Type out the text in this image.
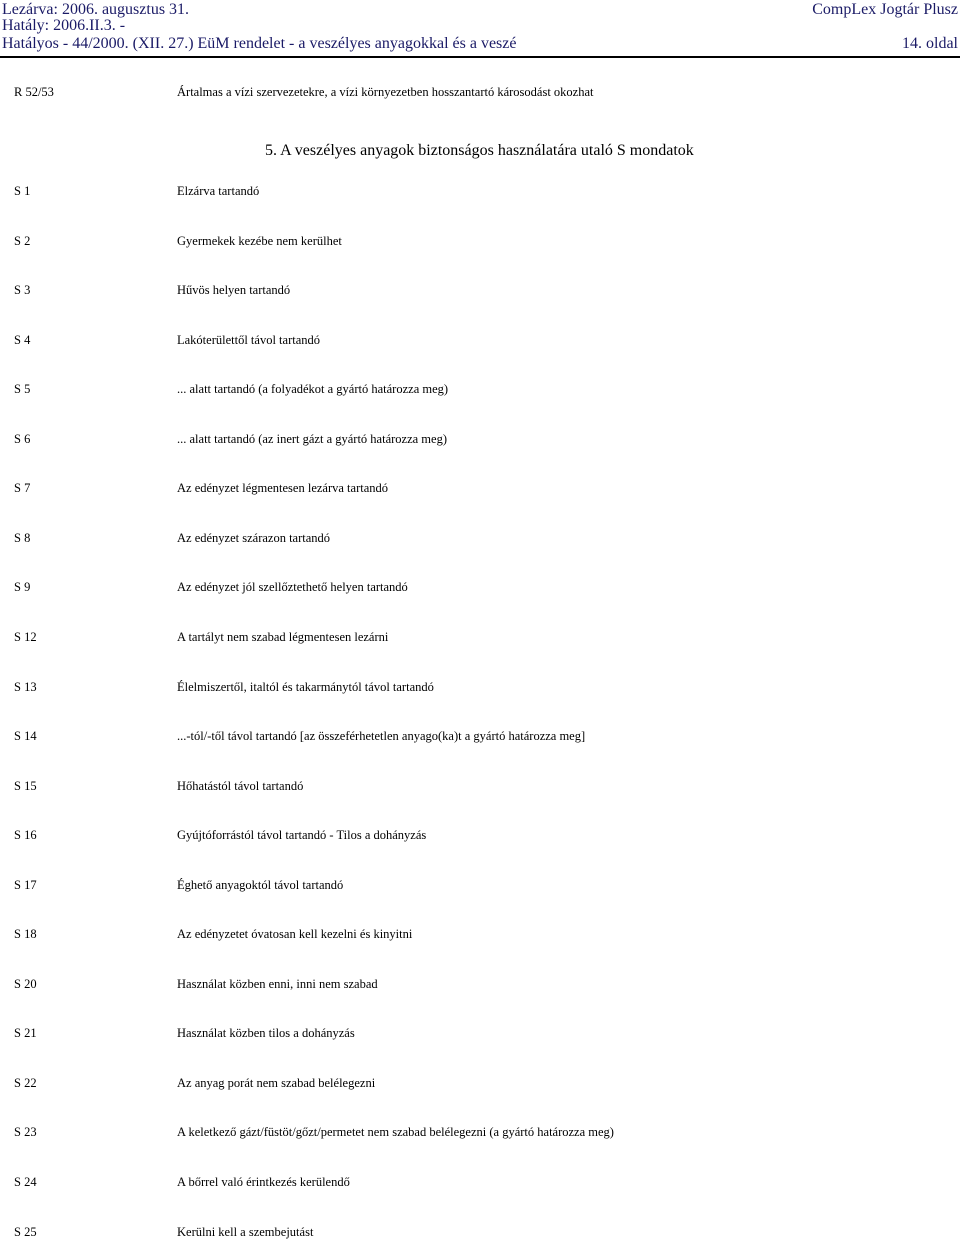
Lezárva: 2006. augusztus 31.	CompLex Jogtár Plusz
Hatály: 2006.II.3. -
Hatályos - 44/2000. (XII. 27.) EüM rendelet - a veszélyes anyagokkal és a veszé	14. oldal
R 52/53	Ártalmas a vízi szervezetekre, a vízi környezetben hosszantartó károsodást okozhat
5. A veszélyes anyagok biztonságos használatára utaló S mondatok
S 1	Elzárva tartandó
S 2	Gyermekek kezébe nem kerülhet
S 3	Hűvös helyen tartandó
S 4	Lakóterülettől távol tartandó
S 5	... alatt tartandó (a folyadékot a gyártó határozza meg)
S 6	... alatt tartandó (az inert gázt a gyártó határozza meg)
S 7	Az edényzet légmentesen lezárva tartandó
S 8	Az edényzet szárazon tartandó
S 9	Az edényzet jól szellőztethető helyen tartandó
S 12	A tartályt nem szabad légmentesen lezárni
S 13	Élelmiszertől, italtól és takarmánytól távol tartandó
S 14	...-tól/-től távol tartandó [az összeférhetetlen anyago(ka)t a gyártó határozza meg]
S 15	Hőhatástól távol tartandó
S 16	Gyújtóforrástól távol tartandó - Tilos a dohányzás
S 17	Éghető anyagoktól távol tartandó
S 18	Az edényzetet óvatosan kell kezelni és kinyitni
S 20	Használat közben enni, inni nem szabad
S 21	Használat közben tilos a dohányzás
S 22	Az anyag porát nem szabad belélegezni
S 23	A keletkező gázt/füstöt/gőzt/permetet nem szabad belélegezni (a gyártó határozza meg)
S 24	A bőrrel való érintkezés kerülendő
S 25	Kerülni kell a szembejutást
